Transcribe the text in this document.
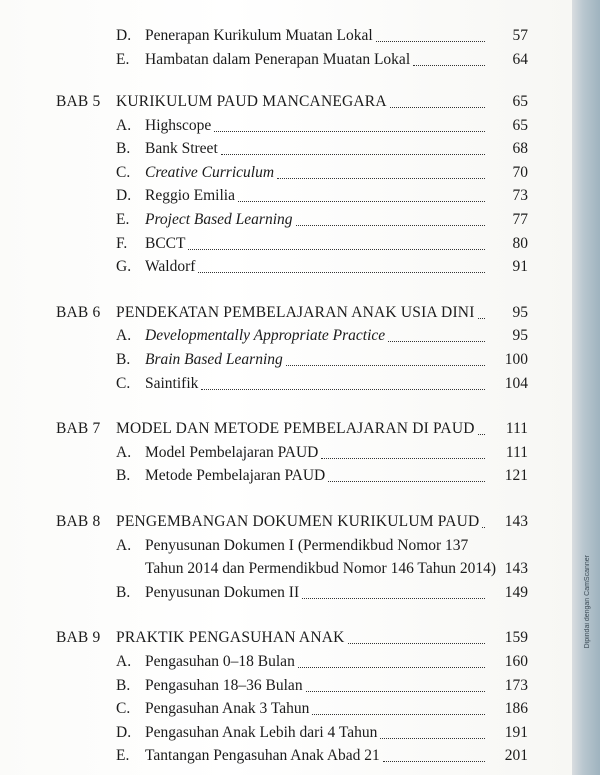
Dipindai dengan CamScanner
D. Penerapan Kurikulum Muatan Lokal	57
E. Hambatan dalam Penerapan Muatan Lokal	64
BAB 5 KURIKULUM PAUD MANCANEGARA	65
A. Highscope	65
B. Bank Street	68
C. Creative Curriculum	70
D. Reggio Emilia	73
E. Project Based Learning	77
F. BCCT	80
G. Waldorf	91
BAB 6 PENDEKATAN PEMBELAJARAN ANAK USIA DINI 95
A. Developmentally Appropriate Practice	95
B. Brain Based Learning	100
C. Saintifik	104
BAB 7 MODEL DAN METODE PEMBELAJARAN DI PAUD 111
A. Model Pembelajaran PAUD	111
B. Metode Pembelajaran PAUD	121
BAB 8 PENGEMBANGAN DOKUMEN KURIKULUM PAUD 143
A. Penyusunan Dokumen I (Permendikbud Nomor 137
Tahun 2014 dan Permendikbud Nomor 146 Tahun 2014) 143
B. Penyusunan Dokumen II	149
BAB 9 PRAKTIK PENGASUHAN ANAK	159
A. Pengasuhan 0–18 Bulan	160
B. Pengasuhan 18–36 Bulan	173
C. Pengasuhan Anak 3 Tahun	186
D. Pengasuhan Anak Lebih dari 4 Tahun	191
E. Tantangan Pengasuhan Anak Abad 21	201
